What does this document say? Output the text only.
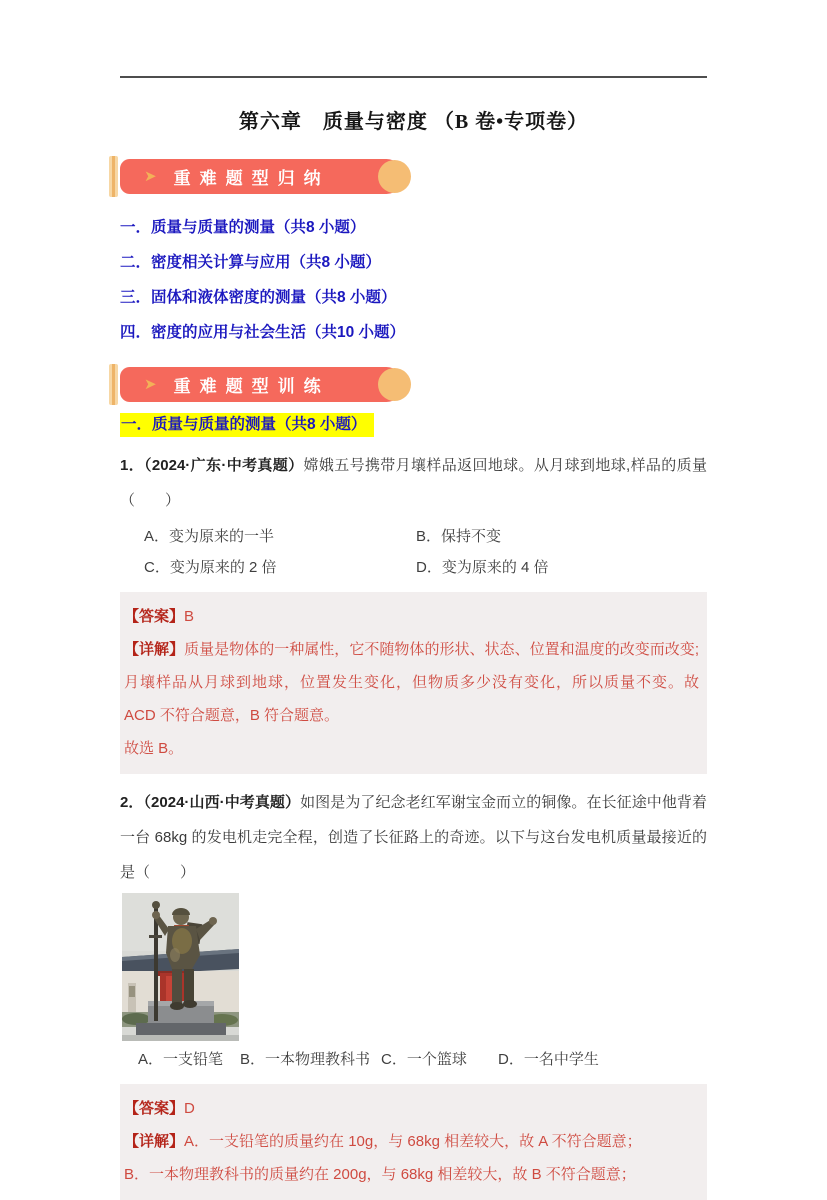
第六章　质量与密度 （B 卷•专项卷）
➤ 重难题型归纳
一．质量与质量的测量（共8 小题）
二．密度相关计算与应用（共8 小题）
三．固体和液体密度的测量（共8 小题）
四．密度的应用与社会生活（共10 小题）
➤ 重难题型训练
一．质量与质量的测量（共8 小题）

1．（2024·广东·中考真题）嫦娥五号携带月壤样品返回地球。从月球到地球,样品的质量（　　）

A．变为原来的一半	B．保持不变
C．变为原来的 2 倍	D．变为原来的 4 倍

【答案】B

【详解】质量是物体的一种属性，它不随物体的形状、状态、位置和温度的改变而改变;月壤样品从月球到地球，位置发生变化，但物质多少没有变化，所以质量不变。故 ACD 不符合题意，B 符合题意。

故选 B。

2．（2024·山西·中考真题）如图是为了纪念老红军谢宝金而立的铜像。在长征途中他背着一台 68kg 的发电机走完全程，创造了长征路上的奇迹。以下与这台发电机质量最接近的是（　　）

A．一支铅笔	B．一本物理教科书 C．一个篮球	D．一名中学生

【答案】D

【详解】A．一支铅笔的质量约在 10g，与 68kg 相差较大，故 A 不符合题意；

B．一本物理教科书的质量约在 200g，与 68kg 相差较大，故 B 不符合题意；
